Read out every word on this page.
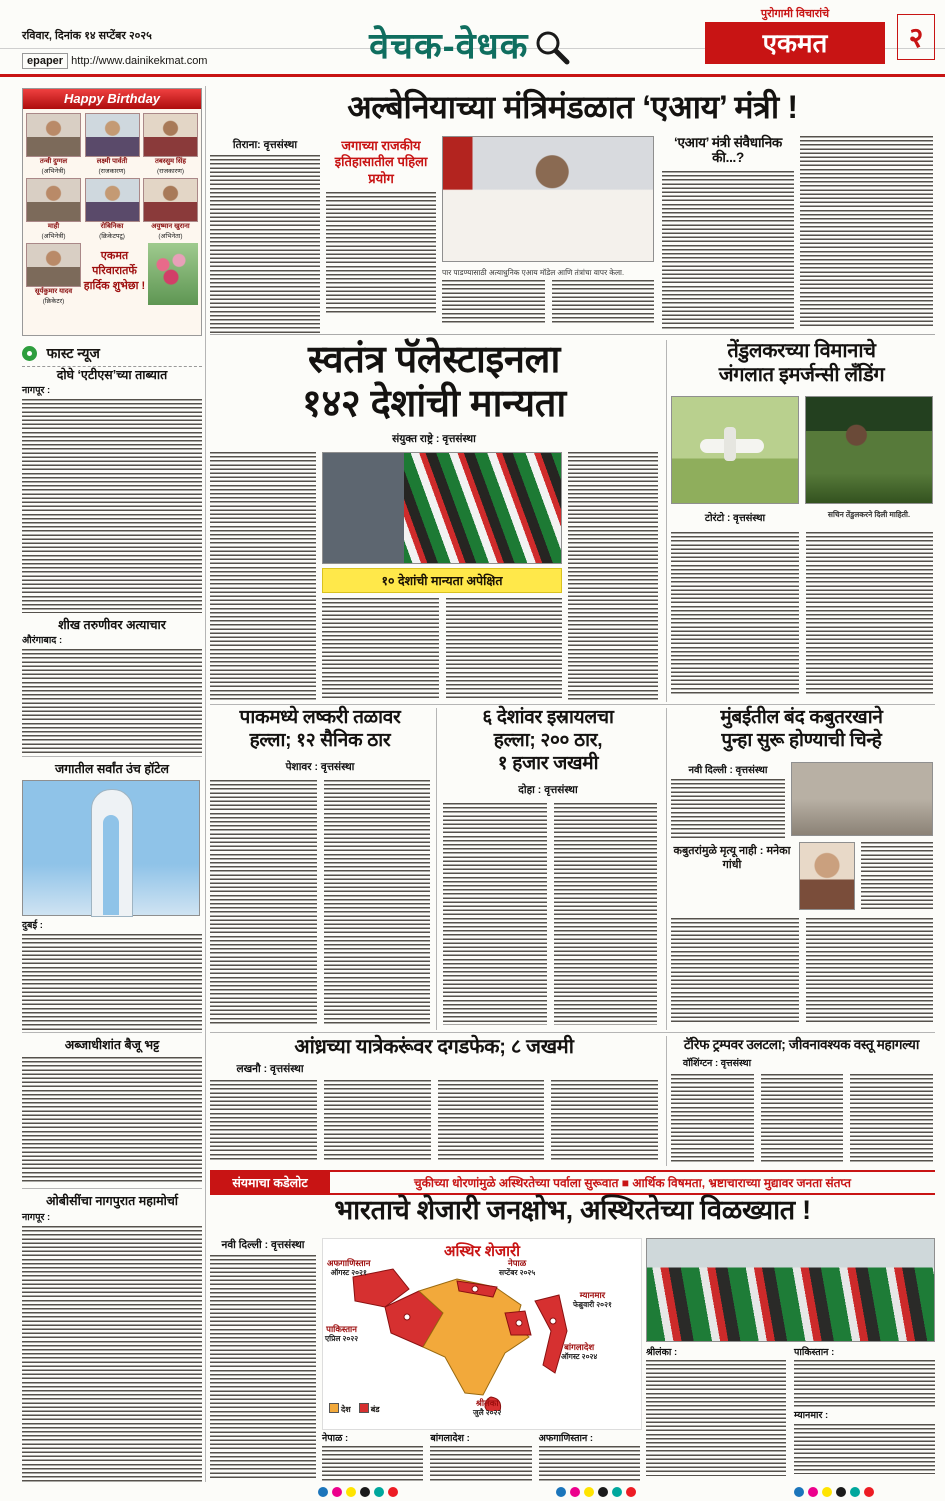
रविवार, दिनांक १४ सप्टेंबर २०२५
epaper http://www.dainikekmat.com	वेचक-वेधक
पुरोगामी विचारांचे
एकमत	२
Happy Birthday
तन्वी दुग्गल
(अभिनेत्री)
लक्ष्मी पार्वती
(राजकारण)
तबस्सुम सिंह
(राजकारण)
माही
(अभिनेत्री)
रोबिनिका
(क्रिकेटपटू)
अयुष्मान खुराना
(अभिनेता)
सूर्यकुमार यादव
(क्रिकेटर)
एकमत परिवारातर्फे हार्दिक शुभेछा !
फास्ट न्यूज
दोघे ‘एटीएस’च्या ताब्यात
नागपूर :
शीख तरुणीवर अत्याचार
औरंगाबाद :
जगातील सर्वांत उंच हॉटेल
दुबई :
अब्जाधीशांत बैजू भट्ट
ओबीसींचा नागपुरात महामोर्चा
नागपूर :
अल्बेनियाच्या मंत्रिमंडळात ‘एआय’ मंत्री !
तिराना: वृत्तसंस्था	जगाच्या राजकीय इतिहासातील पहिला प्रयोग
पार पाडण्यासाठी अत्याधुनिक एआय मॉडेल आणि तंत्रांचा वापर केला.
‘एआय’ मंत्री संवैधानिक की...?
स्वतंत्र पॅलेस्टाइनला
१४२ देशांची मान्यता
संयुक्त राष्ट्रे : वृत्तसंस्था
१० देशांची मान्यता अपेक्षित
तेंडुलकरच्या विमानाचे
जंगलात इमर्जन्सी लँडिंग
टोरंटो : वृत्तसंस्था	सचिन तेंडुलकरने दिली माहिती.
पाकमध्ये लष्करी तळावर
हल्ला; १२ सैनिक ठार
पेशावर : वृत्तसंस्था
६ देशांवर इस्रायलचा
हल्ला; २०० ठार,
१ हजार जखमी
दोहा : वृत्तसंस्था
मुंबईतील बंद कबुतरखाने
पुन्हा सुरू होण्याची चिन्हे
नवी दिल्ली : वृत्तसंस्था
कबुतरांमुळे मृत्यू नाही : मनेका गांधी
आंध्रच्या यात्रेकरूंवर दगडफेक; ८ जखमी
लखनौ : वृत्तसंस्था
टॅरिफ ट्रम्पवर उलटला; जीवनावश्यक वस्तू महागल्या
वॉशिंग्टन : वृत्तसंस्था
संयमाचा कडेलोट	चुकीच्या धोरणांमुळे अस्थिरतेच्या पर्वाला सुरूवात ■ आर्थिक विषमता, भ्रष्टाचाराच्या मुद्यावर जनता संतप्त
भारताचे शेजारी जनक्षोभ, अस्थिरतेच्या विळख्यात !
नवी दिल्ली : वृत्तसंस्था	अस्थिर शेजारी
अफगाणिस्तान
ऑगस्ट २०२१
नेपाळ
सप्टेंबर २०२५
म्यानमार
फेब्रुवारी २०२१
पाकिस्तान
एप्रिल २०२२
बांगलादेश
ऑगस्ट २०२४
श्रीलंका
जुलै २०२२
देश	बंड
नेपाळ :	बांगलादेश :	अफगाणिस्तान :
श्रीलंका :	पाकिस्तान :
म्यानमार :
